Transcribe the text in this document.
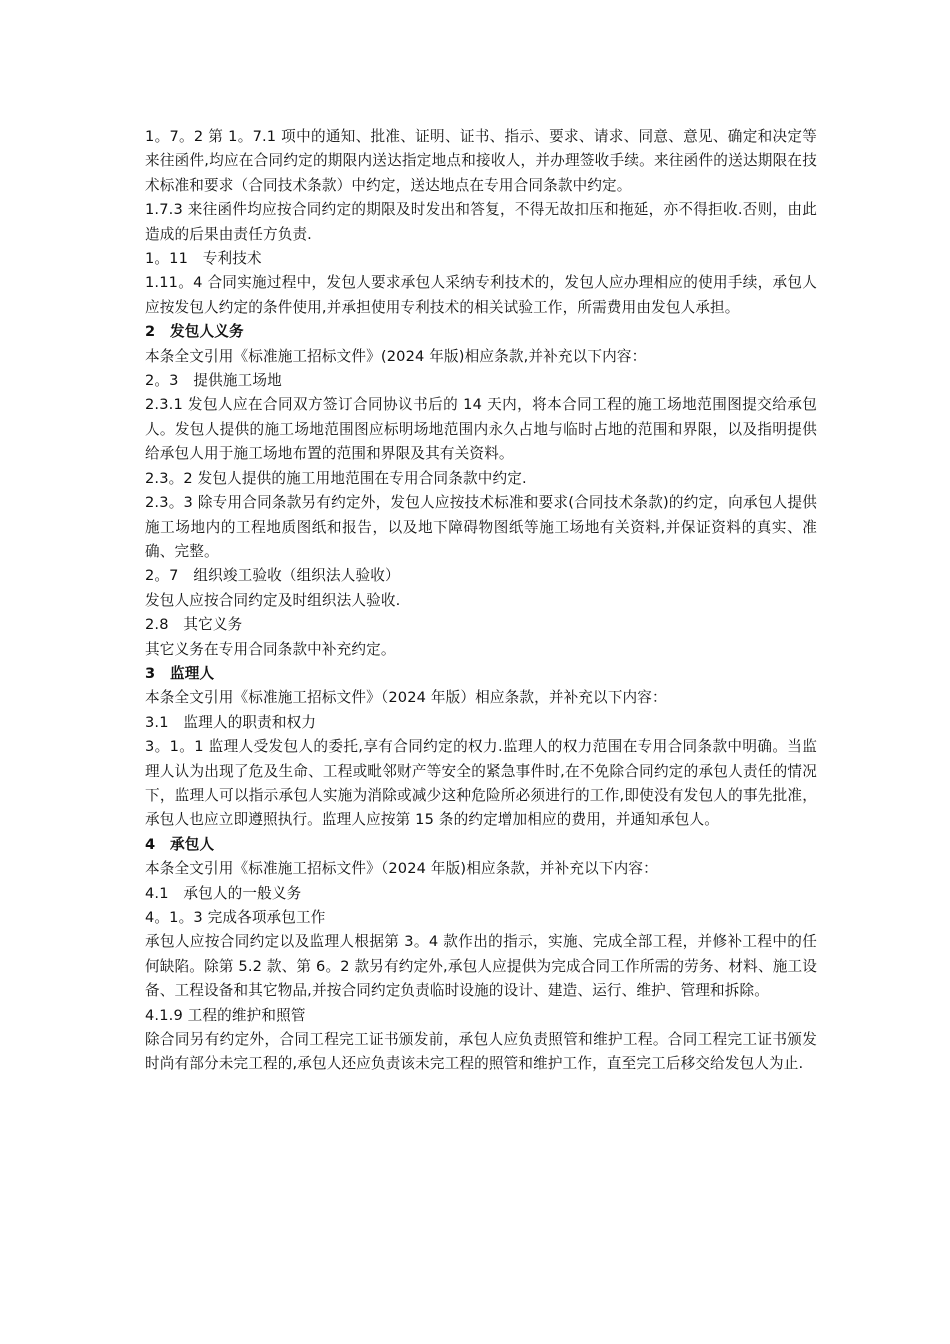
1。7。2 第 1。7.1 项中的通知、批准、证明、证书、指示、要求、请求、同意、意见、确定和决定等来往函件,均应在合同约定的期限内送达指定地点和接收人，并办理签收手续。来往函件的送达期限在技术标准和要求（合同技术条款）中约定，送达地点在专用合同条款中约定。

1.7.3 来往函件均应按合同约定的期限及时发出和答复，不得无故扣压和拖延，亦不得拒收.否则，由此造成的后果由责任方负责.

1。11　专利技术

1.11。4 合同实施过程中，发包人要求承包人采纳专利技术的，发包人应办理相应的使用手续，承包人应按发包人约定的条件使用,并承担使用专利技术的相关试验工作，所需费用由发包人承担。

2　发包人义务

本条全文引用《标准施工招标文件》(2024 年版)相应条款,并补充以下内容：

2。3　提供施工场地

2.3.1 发包人应在合同双方签订合同协议书后的 14 天内，将本合同工程的施工场地范围图提交给承包人。发包人提供的施工场地范围图应标明场地范围内永久占地与临时占地的范围和界限，以及指明提供给承包人用于施工场地布置的范围和界限及其有关资料。

2.3。2 发包人提供的施工用地范围在专用合同条款中约定.

2.3。3 除专用合同条款另有约定外，发包人应按技术标准和要求(合同技术条款)的约定，向承包人提供施工场地内的工程地质图纸和报告，以及地下障碍物图纸等施工场地有关资料,并保证资料的真实、准确、完整。

2。7　组织竣工验收（组织法人验收）

发包人应按合同约定及时组织法人验收.

2.8　其它义务

其它义务在专用合同条款中补充约定。

3　监理人

本条全文引用《标准施工招标文件》（2024 年版）相应条款，并补充以下内容：

3.1　监理人的职责和权力

3。1。1 监理人受发包人的委托,享有合同约定的权力.监理人的权力范围在专用合同条款中明确。当监理人认为出现了危及生命、工程或毗邻财产等安全的紧急事件时,在不免除合同约定的承包人责任的情况下，监理人可以指示承包人实施为消除或减少这种危险所必须进行的工作,即使没有发包人的事先批准，承包人也应立即遵照执行。监理人应按第 15 条的约定增加相应的费用，并通知承包人。

4　承包人

本条全文引用《标准施工招标文件》（2024 年版)相应条款，并补充以下内容：

4.1　承包人的一般义务

4。1。3 完成各项承包工作

承包人应按合同约定以及监理人根据第 3。4 款作出的指示，实施、完成全部工程，并修补工程中的任何缺陷。除第 5.2 款、第 6。2 款另有约定外,承包人应提供为完成合同工作所需的劳务、材料、施工设备、工程设备和其它物品,并按合同约定负责临时设施的设计、建造、运行、维护、管理和拆除。

4.1.9 工程的维护和照管

除合同另有约定外，合同工程完工证书颁发前，承包人应负责照管和维护工程。合同工程完工证书颁发时尚有部分未完工程的,承包人还应负责该未完工程的照管和维护工作，直至完工后移交给发包人为止.
